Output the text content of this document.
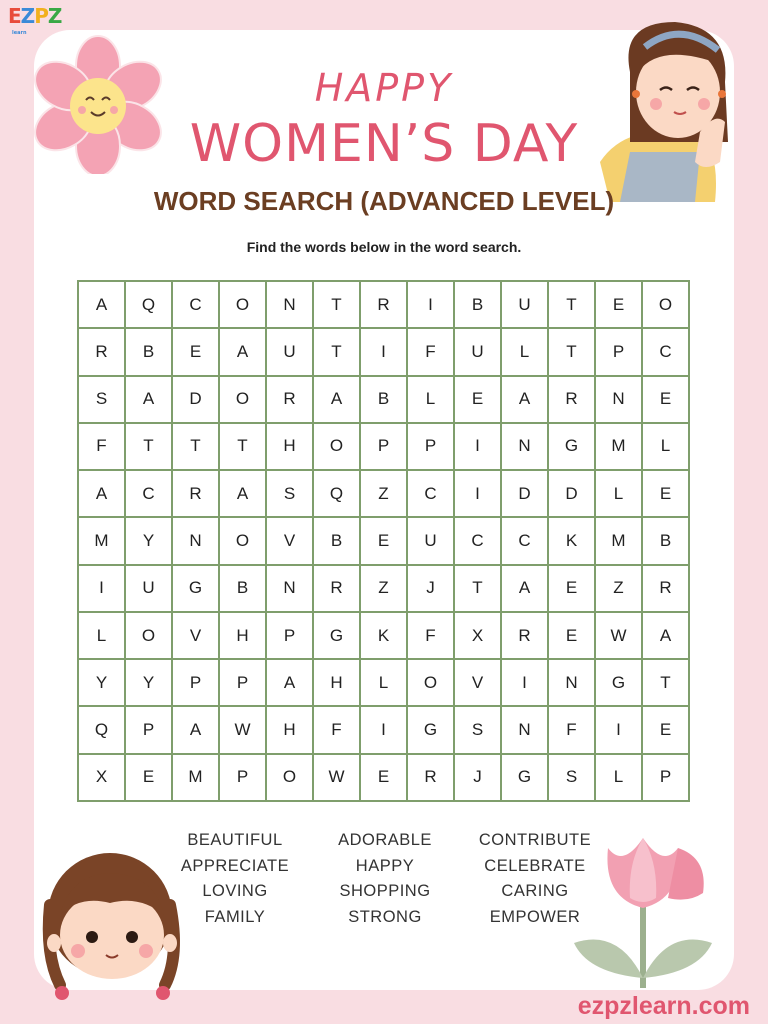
EZPZ
learn
HAPPY
WOMEN’S DAY
WORD SEARCH (ADVANCED LEVEL)
Find the words below in the word search.
A	Q	C	O	N	T	R	I	B	U	T	E	O
R	B	E	A	U	T	I	F	U	L	T	P	C
S	A	D	O	R	A	B	L	E	A	R	N	E
F	T	T	T	H	O	P	P	I	N	G	M	L
A	C	R	A	S	Q	Z	C	I	D	D	L	E
M	Y	N	O	V	B	E	U	C	C	K	M	B
I	U	G	B	N	R	Z	J	T	A	E	Z	R
L	O	V	H	P	G	K	F	X	R	E	W	A
Y	Y	P	P	A	H	L	O	V	I	N	G	T
Q	P	A	W	H	F	I	G	S	N	F	I	E
X	E	M	P	O	W	E	R	J	G	S	L	P
BEAUTIFUL
APPRECIATE
LOVING
FAMILY
ADORABLE
HAPPY
SHOPPING
STRONG
CONTRIBUTE
CELEBRATE
CARING
EMPOWER
ezpzlearn.com
